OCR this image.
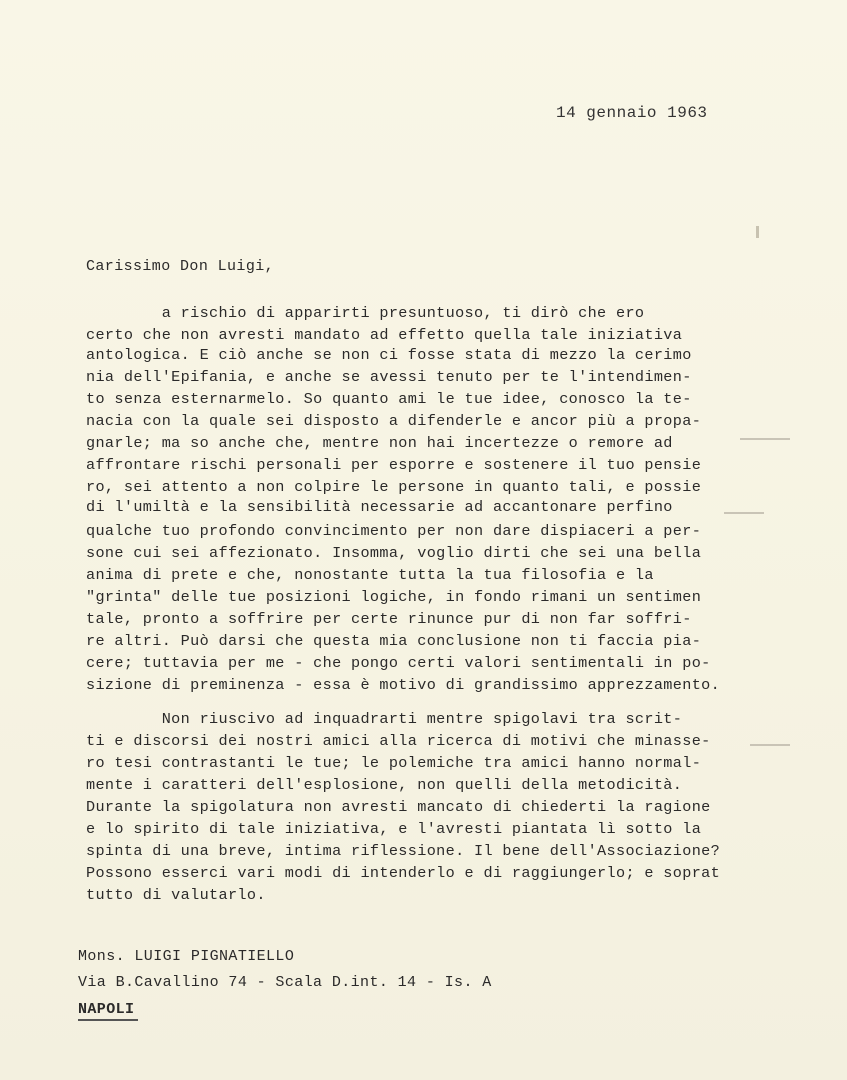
14 gennaio 1963
Carissimo Don Luigi,
a rischio di apparirti presuntuoso, ti dirò che ero
certo che non avresti mandato ad effetto quella tale iniziativa
antologica. E ciò anche se non ci fosse stata di mezzo la cerimo
nia dell'Epifania, e anche se avessi tenuto per te l'intendimen-
to senza esternarmelo. So quanto ami le tue idee, conosco la te-
nacia con la quale sei disposto a difenderle e ancor più a propa-
gnarle; ma so anche che, mentre non hai incertezze o remore ad
affrontare rischi personali per esporre e sostenere il tuo pensie
ro, sei attento a non colpire le persone in quanto tali, e possie
di l'umiltà e la sensibilità necessarie ad accantonare perfino
qualche tuo profondo convincimento per non dare dispiaceri a per-
sone cui sei affezionato. Insomma, voglio dirti che sei una bella
anima di prete e che, nonostante tutta la tua filosofia e la
"grinta" delle tue posizioni logiche, in fondo rimani un sentimen
tale, pronto a soffrire per certe rinunce pur di non far soffri-
re altri. Può darsi che questa mia conclusione non ti faccia pia-
cere; tuttavia per me - che pongo certi valori sentimentali in po-
sizione di preminenza - essa è motivo di grandissimo apprezzamento.
Non riuscivo ad inquadrarti mentre spigolavi tra scrit-
ti e discorsi dei nostri amici alla ricerca di motivi che minasse-
ro tesi contrastanti le tue; le polemiche tra amici hanno normal-
mente i caratteri dell'esplosione, non quelli della metodicità.
Durante la spigolatura non avresti mancato di chiederti la ragione
e lo spirito di tale iniziativa, e l'avresti piantata lì sotto la
spinta di una breve, intima riflessione. Il bene dell'Associazione?
Possono esserci vari modi di intenderlo e di raggiungerlo; e soprat
tutto di valutarlo.
Mons. LUIGI PIGNATIELLO
Via B.Cavallino 74 - Scala D.int. 14 - Is. A
NAPOLI
